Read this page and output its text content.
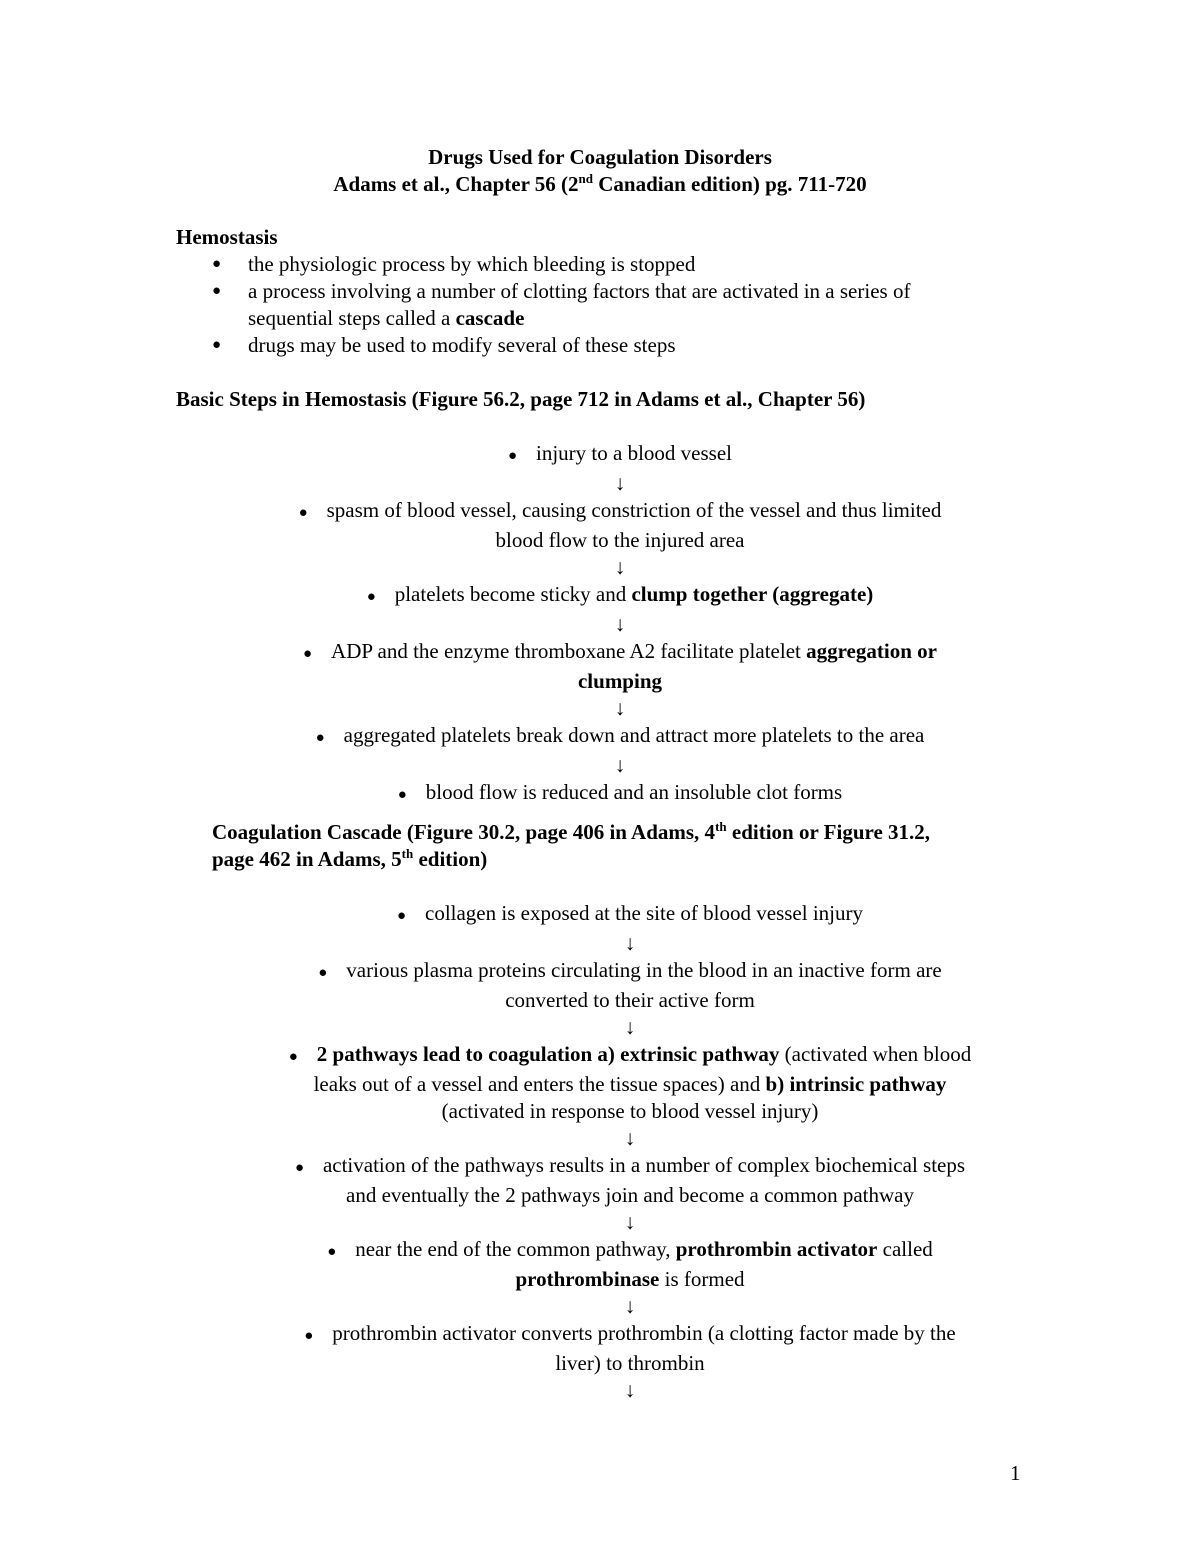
Drugs Used for Coagulation Disorders
Adams et al., Chapter 56 (2nd Canadian edition) pg. 711-720
Hemostasis
● the physiologic process by which bleeding is stopped
● a process involving a number of clotting factors that are activated in a series of
sequential steps called a cascade
● drugs may be used to modify several of these steps
Basic Steps in Hemostasis (Figure 56.2, page 712 in Adams et al., Chapter 56)
● injury to a blood vessel
↓
● spasm of blood vessel, causing constriction of the vessel and thus limited
blood flow to the injured area
↓
● platelets become sticky and clump together (aggregate)
↓
● ADP and the enzyme thromboxane A2 facilitate platelet aggregation or
clumping
↓
● aggregated platelets break down and attract more platelets to the area
↓
● blood flow is reduced and an insoluble clot forms
Coagulation Cascade (Figure 30.2, page 406 in Adams, 4th edition or Figure 31.2,
page 462 in Adams, 5th edition)
● collagen is exposed at the site of blood vessel injury
↓
● various plasma proteins circulating in the blood in an inactive form are
converted to their active form
↓
● 2 pathways lead to coagulation a) extrinsic pathway (activated when blood
leaks out of a vessel and enters the tissue spaces) and b) intrinsic pathway
(activated in response to blood vessel injury)
↓
● activation of the pathways results in a number of complex biochemical steps
and eventually the 2 pathways join and become a common pathway
↓
● near the end of the common pathway, prothrombin activator called
prothrombinase is formed
↓
● prothrombin activator converts prothrombin (a clotting factor made by the
liver) to thrombin
↓
1
